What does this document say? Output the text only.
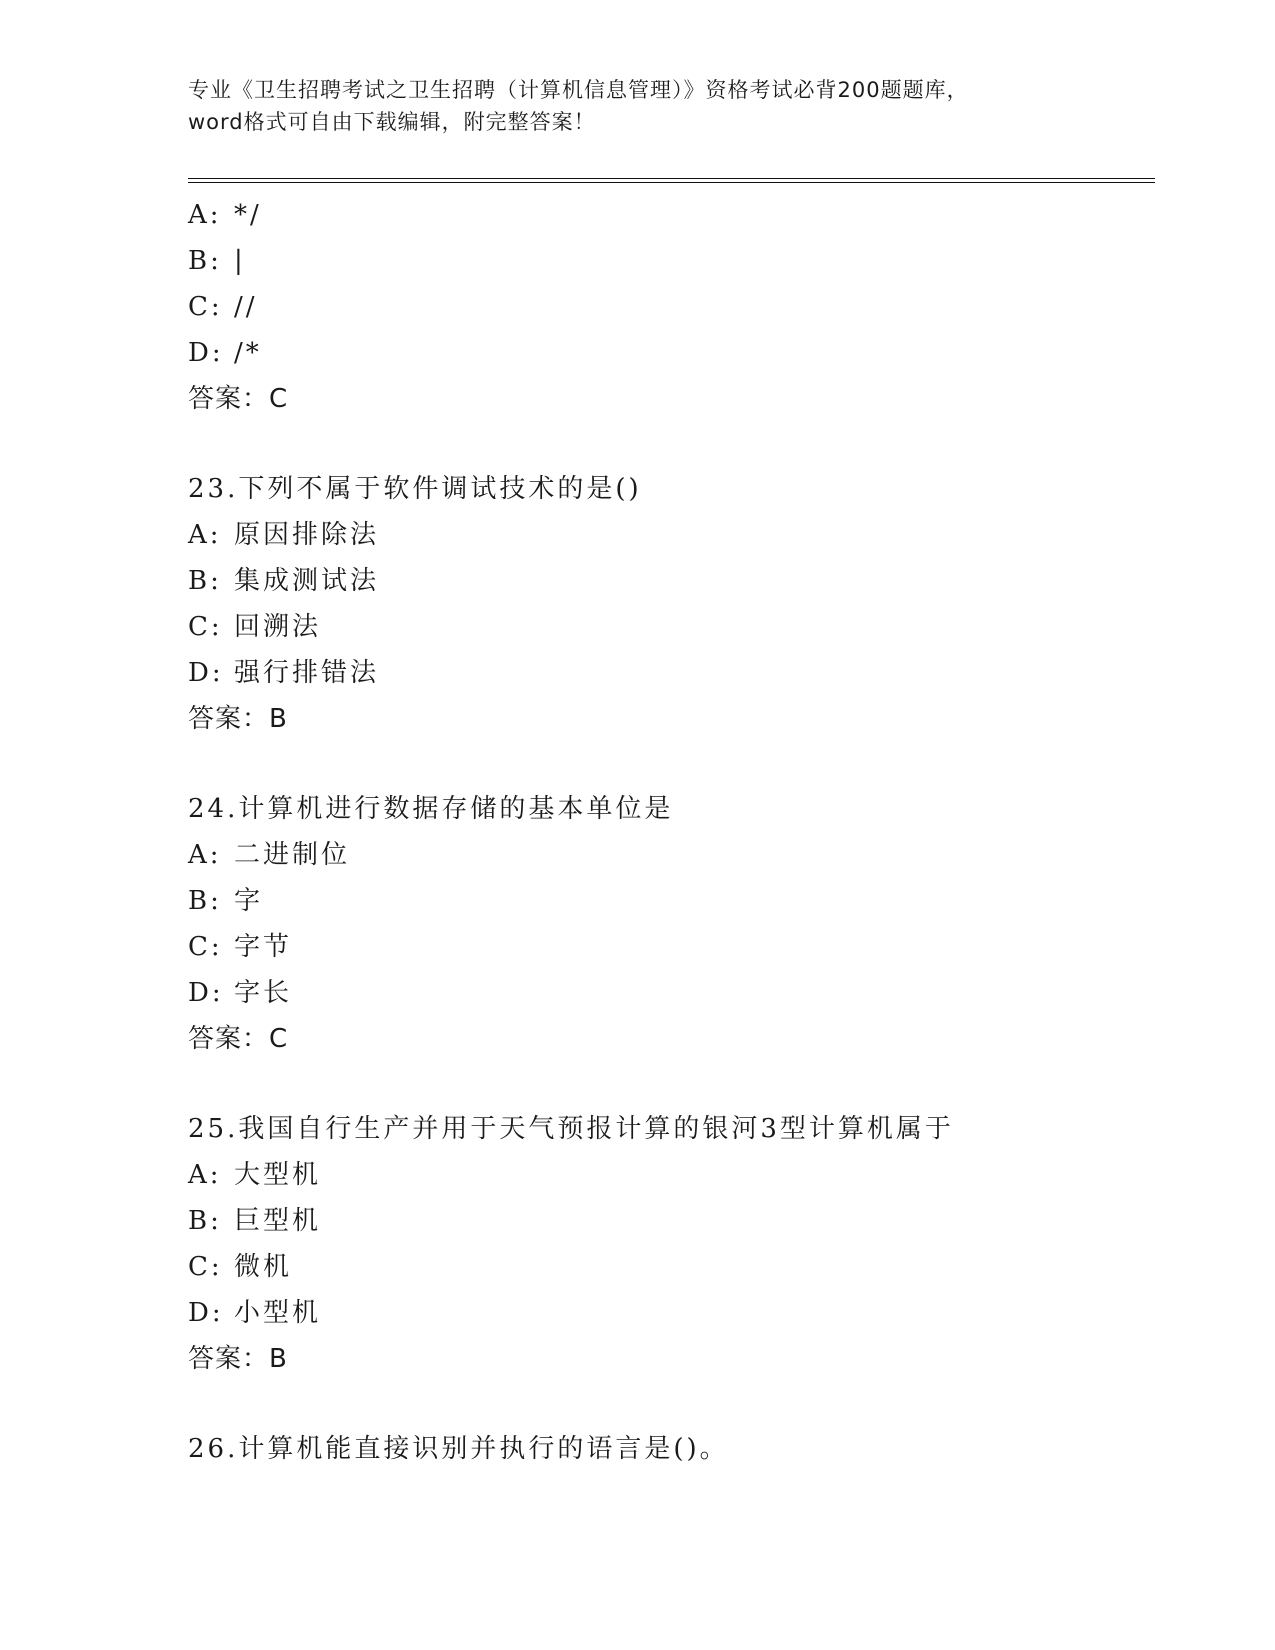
专业《卫生招聘考试之卫生招聘（计算机信息管理）》资格考试必背200题题库，
word格式可自由下载编辑，附完整答案！
A: */
B: |
C: //
D: /*
答案：C
23.下列不属于软件调试技术的是()
A: 原因排除法
B: 集成测试法
C: 回溯法
D: 强行排错法
答案：B
24.计算机进行数据存储的基本单位是
A: 二进制位
B: 字
C: 字节
D: 字长
答案：C
25.我国自行生产并用于天气预报计算的银河3型计算机属于
A: 大型机
B: 巨型机
C: 微机
D: 小型机
答案：B
26.计算机能直接识别并执行的语言是()。
